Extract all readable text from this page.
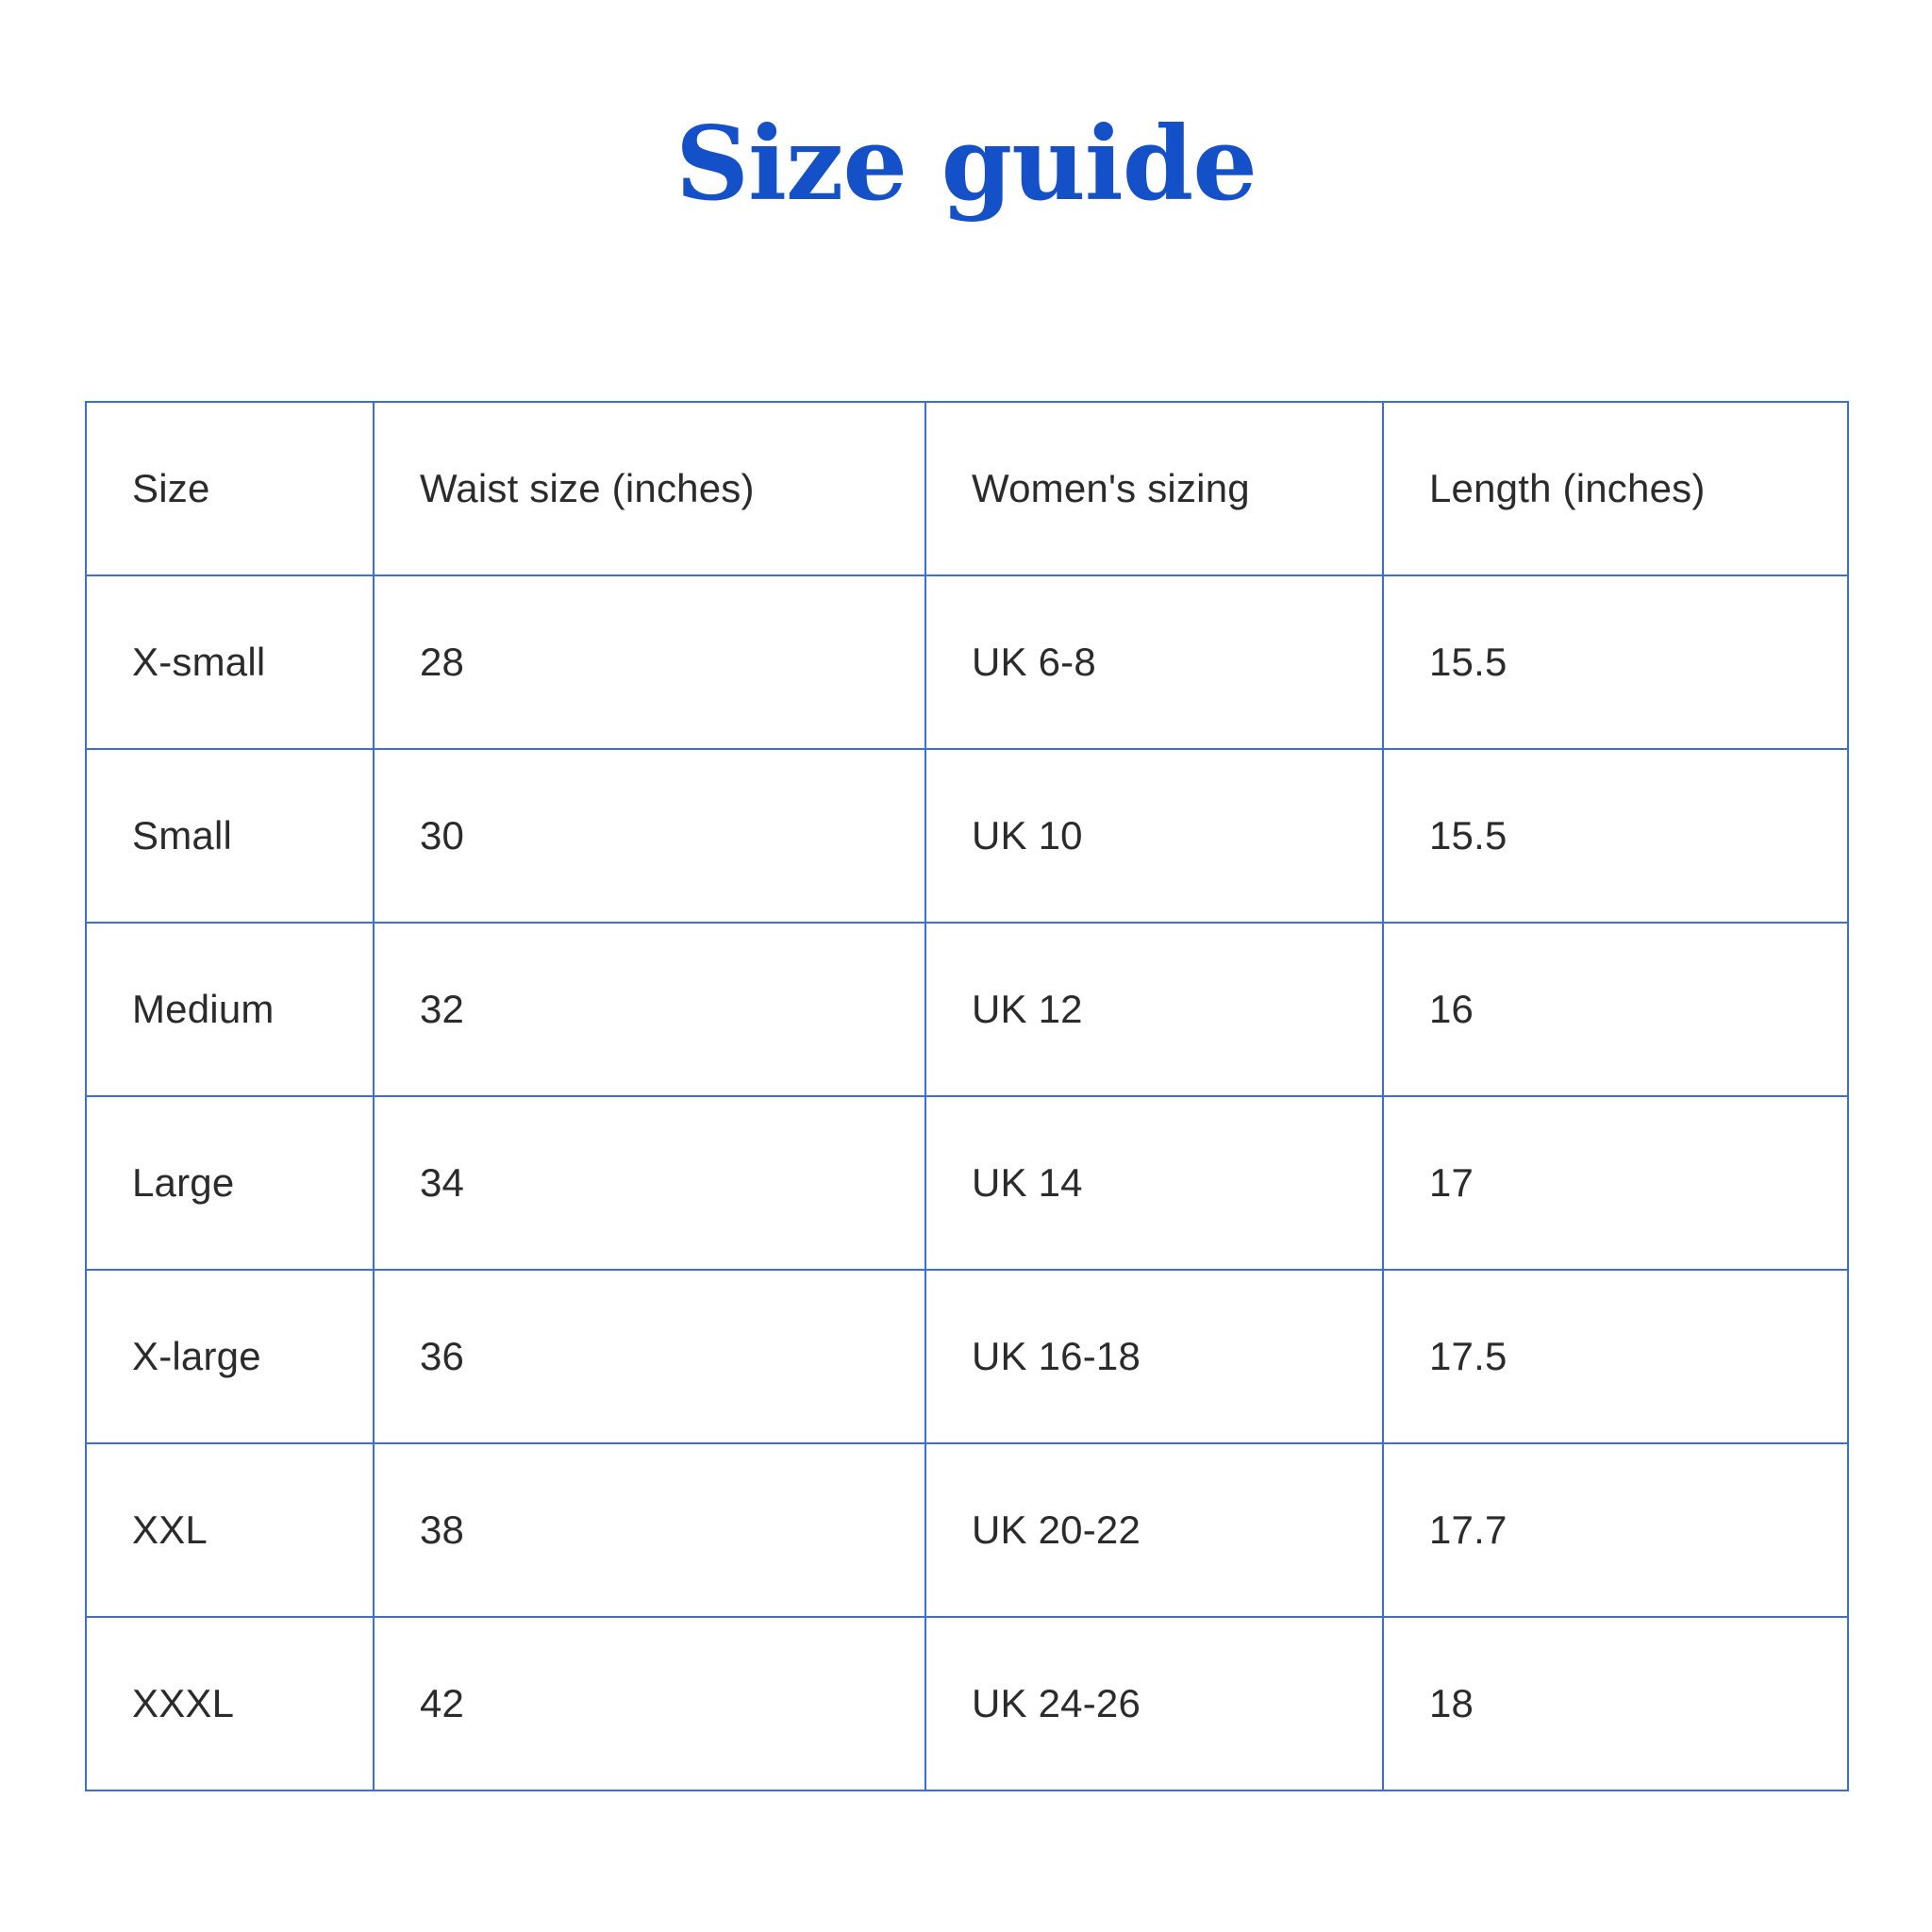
Size guide
Size	Waist size (inches)	Women's sizing	Length (inches)

X-small	28	UK 6-8	15.5

Small	30	UK 10	15.5

Medium	32	UK 12	16

Large	34	UK 14	17

X-large	36	UK 16-18	17.5

XXL	38	UK 20-22	17.7

XXXL	42	UK 24-26	18
